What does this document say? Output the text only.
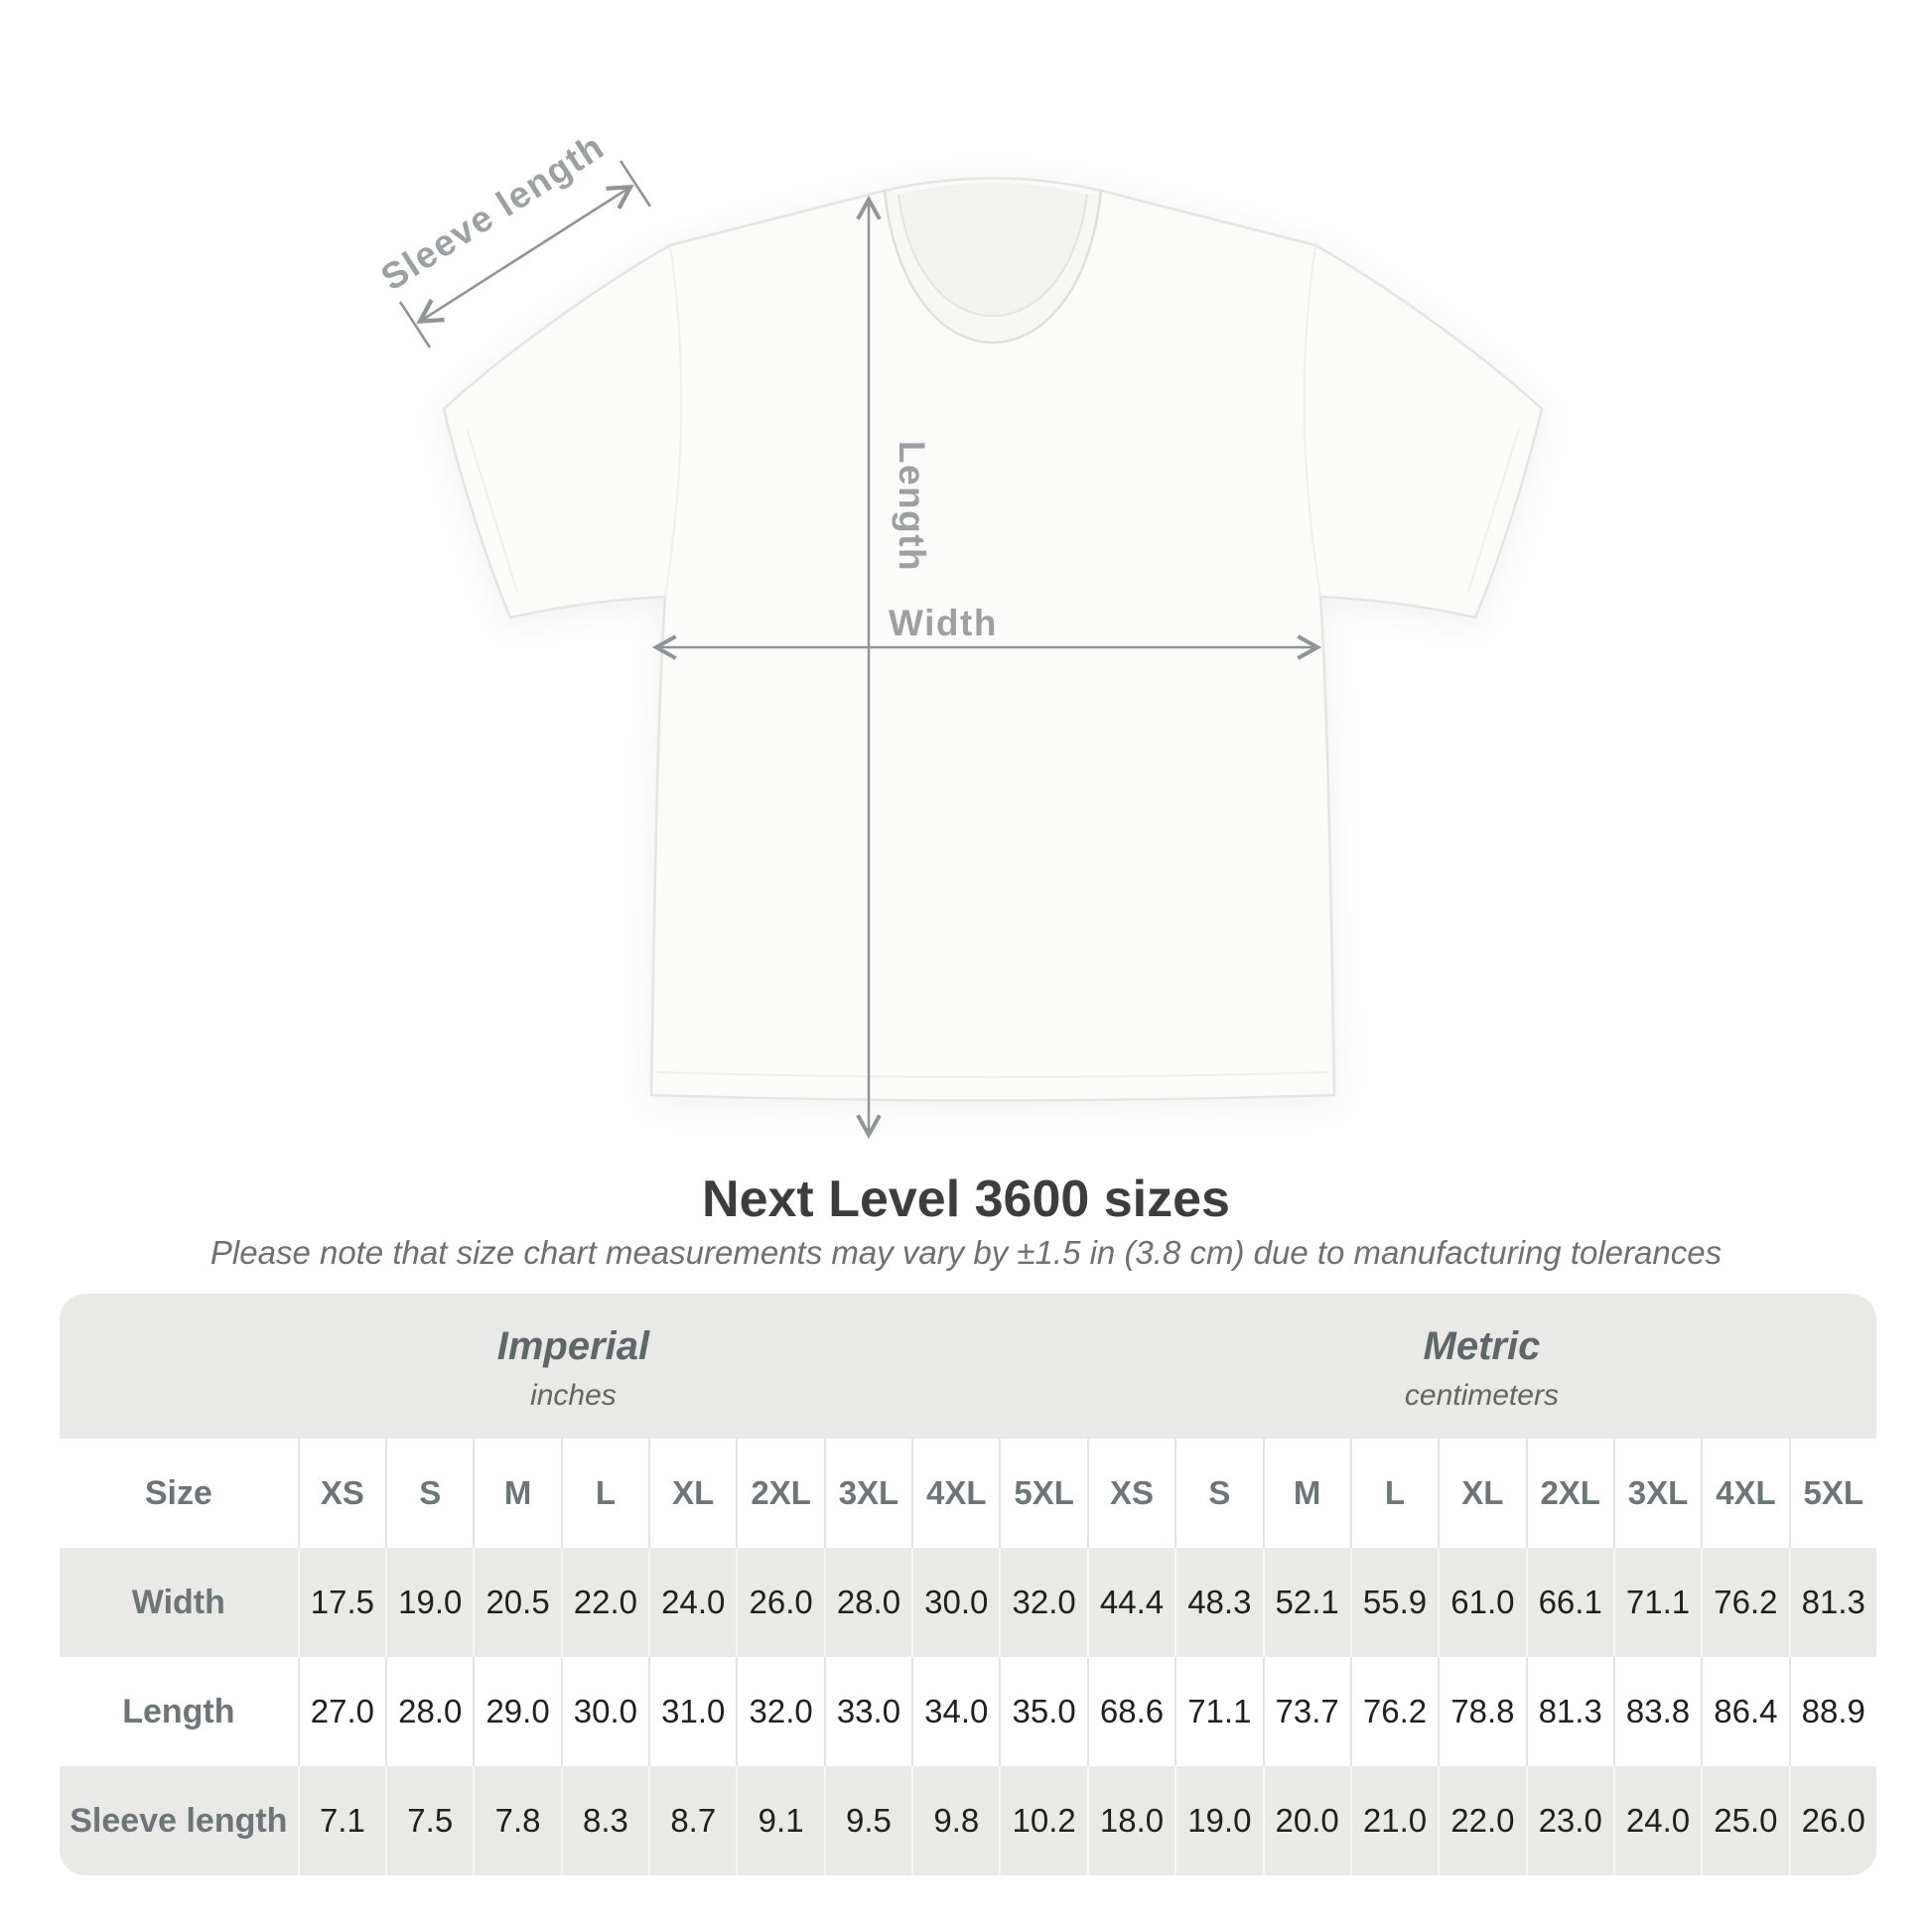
Sleeve length
Length
Width
Next Level 3600 sizes
Please note that size chart measurements may vary by ±1.5 in (3.8 cm) due to manufacturing tolerances
Imperial
inches
Metric
centimeters
Size	XS	S	M	L	XL	2XL 3XL 4XL 5XL	XS	S	M	L	XL	2XL 3XL 4XL 5XL
Width	17.5 19.0 20.5 22.0 24.0 26.0 28.0 30.0 32.0 44.4 48.3 52.1 55.9 61.0 66.1 71.1 76.2 81.3
Length	27.0 28.0 29.0 30.0 31.0 32.0 33.0 34.0 35.0 68.6 71.1 73.7 76.2 78.8 81.3 83.8 86.4 88.9
Sleeve length 7.1	7.5	7.8	8.3	8.7	9.1	9.5	9.8	10.2 18.0 19.0 20.0 21.0 22.0 23.0 24.0 25.0 26.0
